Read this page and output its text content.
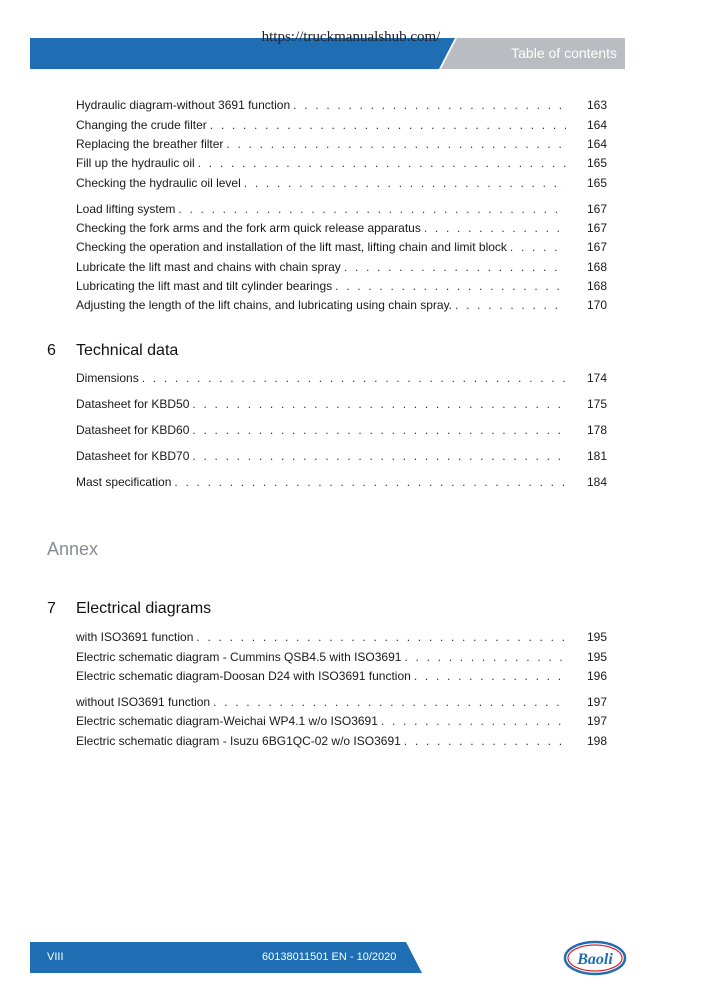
Table of contents
https://truckmanualshub.com/
Hydraulic diagram-without 3691 function . . .	163
Changing the crude filter . . .	164
Replacing the breather filter . . .	164
Fill up the hydraulic oil . . .	165
Checking the hydraulic oil level . . .	165
Load lifting system . . .	167
Checking the fork arms and the fork arm quick release apparatus . . .	167
Checking the operation and installation of the lift mast, lifting chain and limit block . . .	167
Lubricate the lift mast and chains with chain spray . . .	168
Lubricating the lift mast and tilt cylinder bearings . . .	168
Adjusting the length of the lift chains, and lubricating using chain spray. . . .	170
6 Technical data
Dimensions . . .	174
Datasheet for KBD50 . . .	175
Datasheet for KBD60 . . .	178
Datasheet for KBD70 . . .	181
Mast specification . . .	184
Annex
7 Electrical diagrams
with ISO3691 function . . .	195
Electric schematic diagram - Cummins QSB4.5 with ISO3691 . . .	195
Electric schematic diagram-Doosan D24 with ISO3691 function . . .	196
without ISO3691 function . . .	197
Electric schematic diagram-Weichai WP4.1 w/o ISO3691 . . .	197
Electric schematic diagram - Isuzu 6BG1QC-02 w/o ISO3691 . . .	198
VIII	60138011501 EN - 10/2020	Baoli
